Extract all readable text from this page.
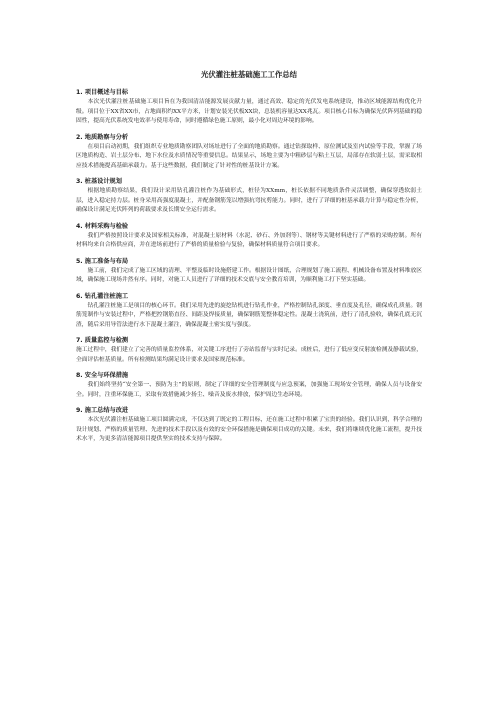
光伏灌注桩基础施工工作总结
1. 项目概述与目标

本次光伏灌注桩基础施工项目旨在为我国清洁能源发展贡献力量，通过高效、稳定的光伏发电系统建设，推动区域能源结构优化升级。项目位于XX省XX市，占地面积约XX平方米，计划安装光伏板XX块，总装机容量达XX兆瓦。项目核心目标为确保光伏阵列基础的稳固性，提高光伏系统发电效率与使用寿命，同时遵循绿色施工原则，最小化对周边环境的影响。

2. 地质勘察与分析

在项目启动初期，我们组织专业地质勘察团队对场址进行了全面的地质勘察。通过钻探取样、原位测试及室内试验等手段，掌握了场区地质构造、岩土层分布、地下水位及水质情况等重要信息。结果显示，场地主要为中粗砂层与粘土互层，局部存在软弱土层，需采取相应技术措施提高基础承载力。基于这些数据，我们制定了针对性的桩基设计方案。

3. 桩基设计规划

根据地质勘察结果，我们设计采用钻孔灌注桩作为基础形式，桩径为XXmm，桩长依据不同地质条件灵活调整，确保穿透软弱土层，进入稳定持力层。桩身采用高强度混凝土，并配备钢筋笼以增强抗弯抗剪能力。同时，进行了详细的桩基承载力计算与稳定性分析，确保设计满足光伏阵列的荷载要求及长期安全运行需求。

4. 材料采购与检验

我们严格按照设计要求及国家相关标准，对混凝土原材料（水泥、砂石、外加剂等）、钢材等关键材料进行了严格的采购控制。所有材料均来自合格供应商，并在进场前进行了严格的质量检验与复验，确保材料质量符合项目要求。

5. 施工准备与布局

施工前，我们完成了施工区域的清理、平整及临时设施搭建工作。根据设计图纸，合理规划了施工流程、机械设备布置及材料堆放区域，确保施工现场井然有序。同时，对施工人员进行了详细的技术交底与安全教育培训，为顺利施工打下坚实基础。

6. 钻孔灌注桩施工

钻孔灌注桩施工是项目的核心环节。我们采用先进的旋挖钻机进行钻孔作业，严格控制钻孔深度、垂直度及孔径，确保成孔质量。钢筋笼制作与安装过程中，严格把控钢筋直径、间距及焊接质量，确保钢筋笼整体稳定性。混凝土浇筑前，进行了清孔验收，确保孔底无沉渣，随后采用导管法进行水下混凝土灌注，确保混凝土密实度与强度。

7. 质量监控与检测

施工过程中，我们建立了完善的质量监控体系，对关键工序进行了旁站监督与实时记录。成桩后，进行了低应变反射波检测及静载试验，全面评估桩基质量。所有检测结果均满足设计要求及国家规范标准。

8. 安全与环保措施

我们始终坚持“安全第一、预防为主”的原则，制定了详细的安全管理制度与应急预案，加强施工现场安全管理，确保人员与设备安全。同时，注重环保施工，采取有效措施减少扬尘、噪音及废水排放，保护周边生态环境。

9. 施工总结与改进

本次光伏灌注桩基础施工项目圆满完成，不仅达到了既定的工程目标，还在施工过程中积累了宝贵的经验。我们认识到，科学合理的设计规划、严格的质量管理、先进的技术手段以及有效的安全环保措施是确保项目成功的关键。未来，我们将继续优化施工流程，提升技术水平，为更多清洁能源项目提供坚实的技术支持与保障。
